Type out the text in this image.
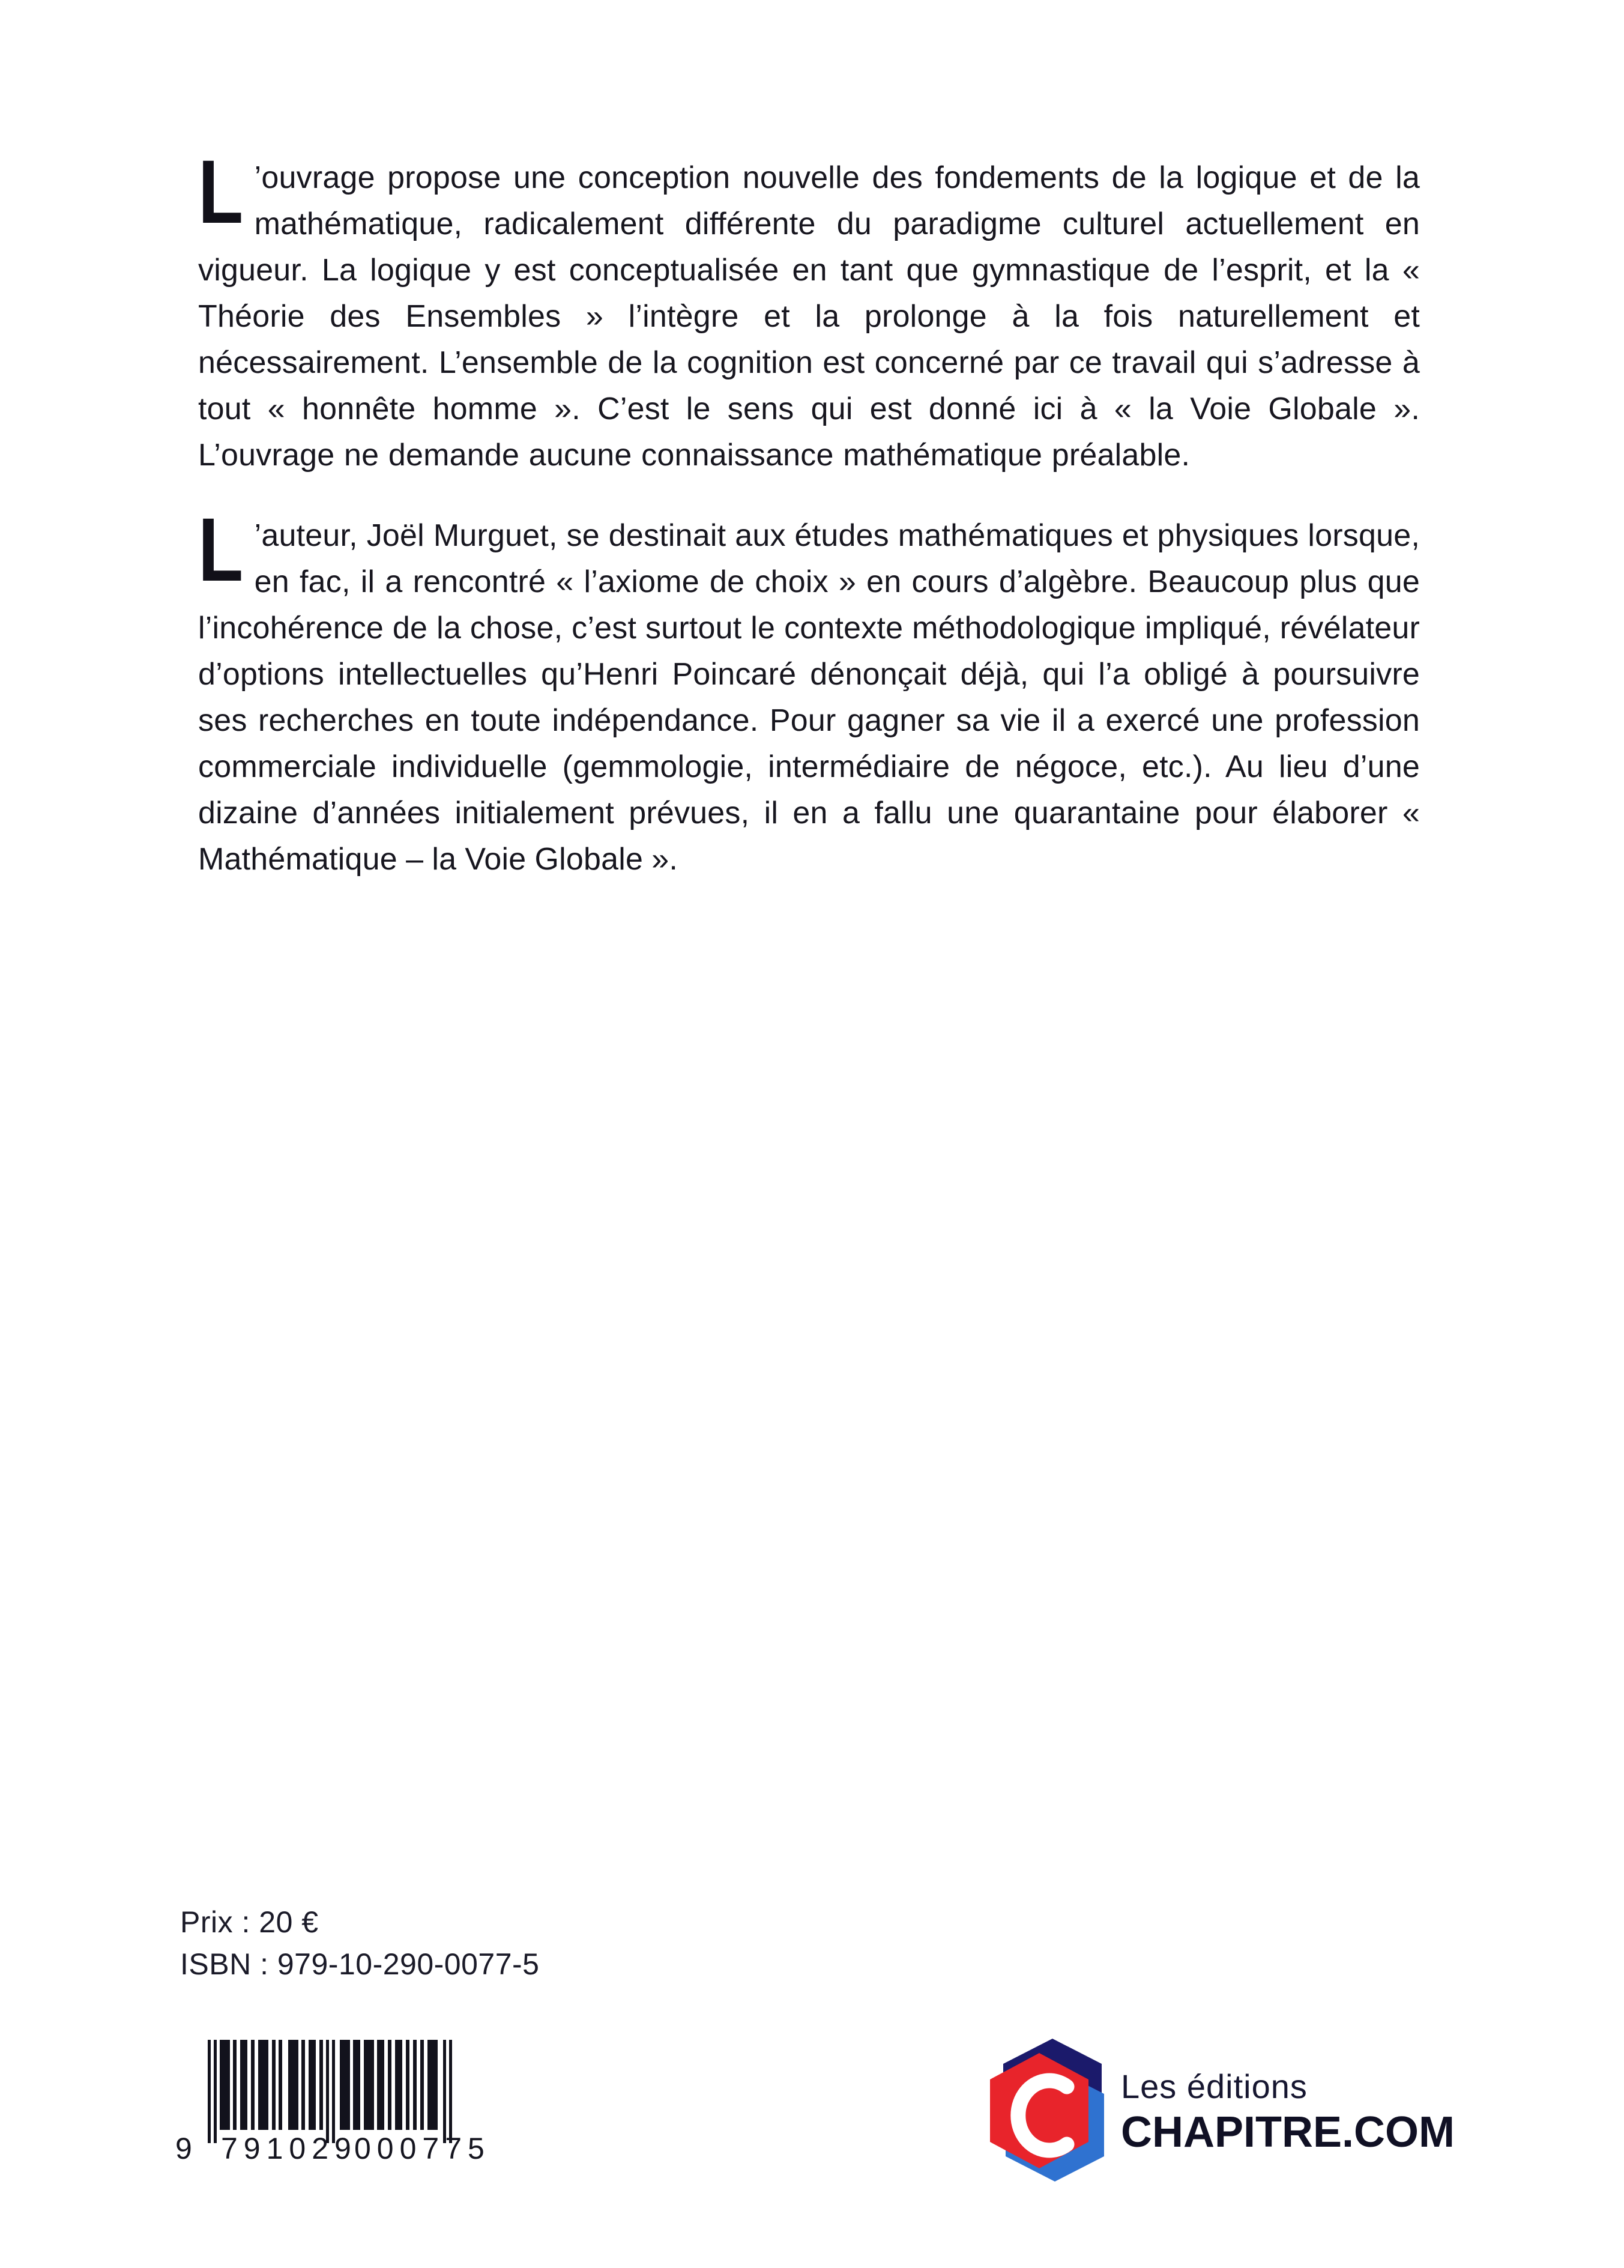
L ’ouvrage propose une conception nouvelle des fondements de la logique et de la mathématique, radicalement différente du paradigme culturel actuellement en vigueur. La logique y est conceptualisée en tant que gymnastique de l’esprit, et la « Théorie des Ensembles » l’intègre et la prolonge à la fois naturellement et nécessairement. L’ensemble de la cognition est concerné par ce travail qui s’adresse à tout « honnête homme ». C’est le sens qui est donné ici à « la Voie Globale ». L’ouvrage ne demande aucune connaissance mathématique préalable.

L ’auteur, Joël Murguet, se destinait aux études mathématiques et physiques lorsque, en fac, il a rencontré « l’axiome de choix » en cours d’algèbre. Beaucoup plus que l’incohérence de la chose, c’est surtout le contexte méthodologique impliqué, révélateur d’options intellectuelles qu’Henri Poincaré dénonçait déjà, qui l’a obligé à poursuivre ses recherches en toute indépendance. Pour gagner sa vie il a exercé une profession commerciale individuelle (gemmologie, intermédiaire de négoce, etc.). Au lieu d’une dizaine d’années initialement prévues, il en a fallu une quarantaine pour élaborer « Mathématique – la Voie Globale ».

Prix : 20 €
ISBN : 979-10-290-0077-5
9 791029
000775
Les éditions
CHAPITRE.COM
